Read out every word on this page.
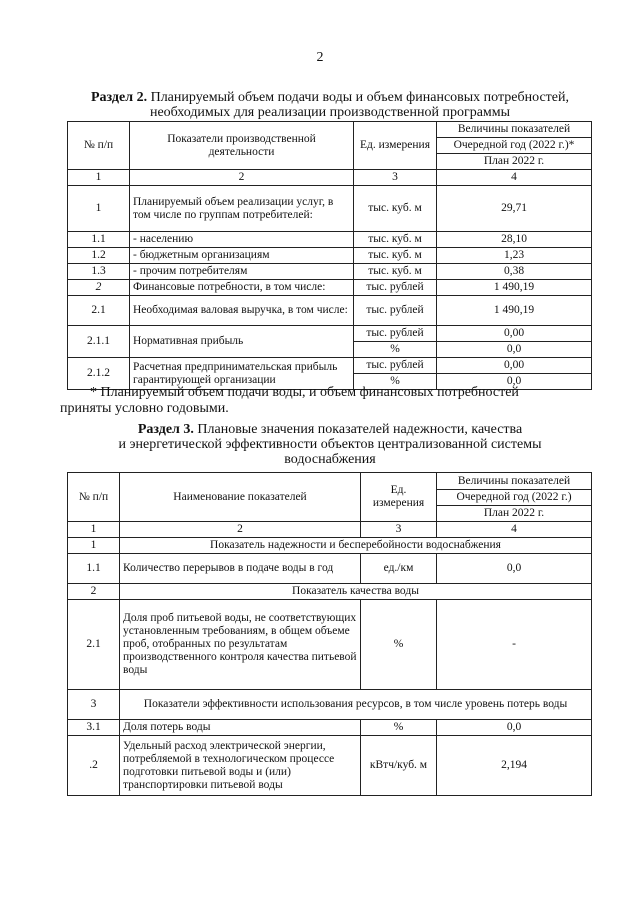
2
Раздел 2. Планируемый объем подачи воды и объем финансовых потребностей,
необходимых для реализации производственной программы
№ п/п	Показатели производственной деятельности	Ед. измерения	Величины показателей
			Очередной год (2022 г.)*
			План 2022 г.
1	2	3	4
1	Планируемый объем реализации услуг, в том числе по группам потребителей:	тыс. куб. м	29,71
1.1	- населению	тыс. куб. м	28,10
1.2	- бюджетным организациям	тыс. куб. м	1,23
1.3	- прочим потребителям	тыс. куб. м	0,38
2	Финансовые потребности, в том числе:	тыс. рублей	1 490,19
2.1	Необходимая валовая выручка, в том числе:	тыс. рублей	1 490,19
2.1.1	Нормативная прибыль	тыс. рублей	0,00
		%	0,0
2.1.2	Расчетная предпринимательская прибыль гарантирующей организации	тыс. рублей	0,00
		%	0,0
* Планируемый объем подачи воды, и объем финансовых потребностей
приняты условно годовыми.
Раздел 3. Плановые значения показателей надежности, качества
и энергетической эффективности объектов централизованной системы
водоснабжения
№ п/п	Наименование показателей	Ед. измерения	Величины показателей
			Очередной год (2022 г.)
			План 2022 г.
1	2	3	4
1	Показатель надежности и бесперебойности водоснабжения		
1.1	Количество перерывов в подаче воды в год	ед./км	0,0
2	Показатель качества воды		
2.1	Доля проб питьевой воды, не соответствующих установленным требованиям, в общем объеме проб, отобранных по результатам производственного контроля качества питьевой воды	%	-
3	Показатели эффективности использования ресурсов, в том числе уровень потерь воды		
3.1	Доля потерь воды	%	0,0
.2	Удельный расход электрической энергии, потребляемой в технологическом процессе подготовки питьевой воды и (или) транспортировки питьевой воды	кВтч/куб. м	2,194
